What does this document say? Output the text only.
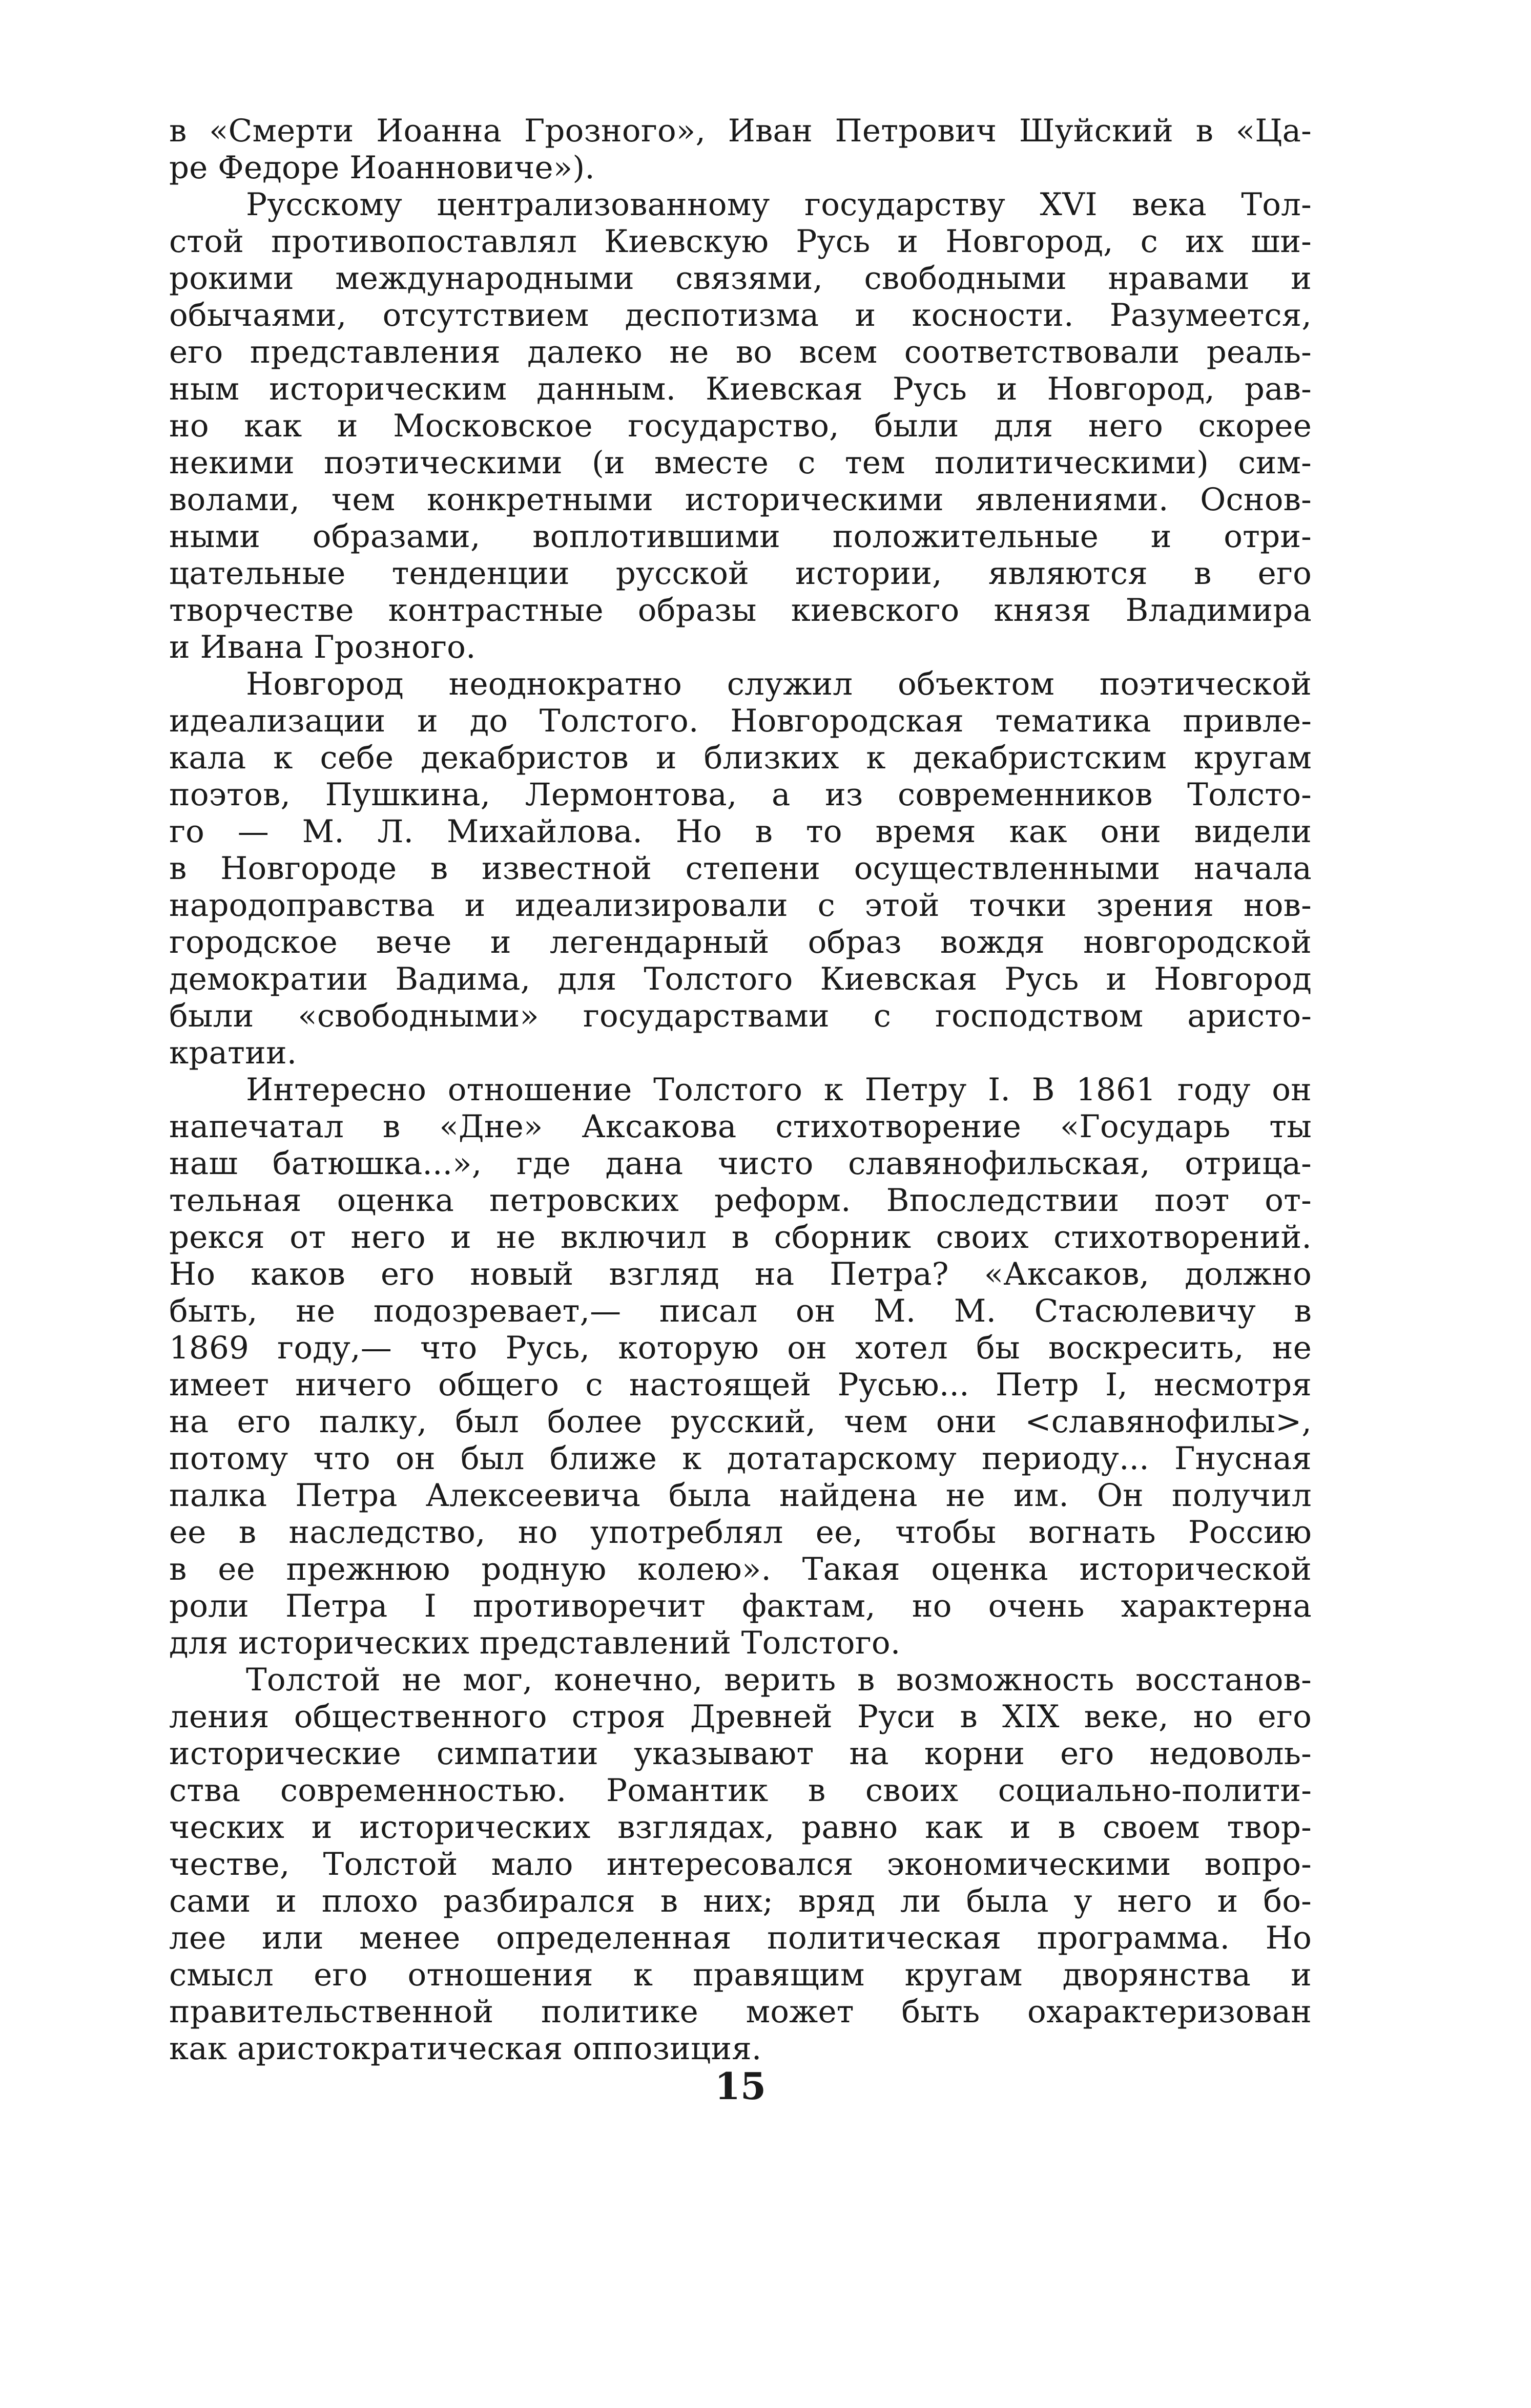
в «Смерти Иоанна Грозного», Иван Петрович Шуйский в «Ца-
ре Федоре Иоанновиче»).
Русскому централизованному государству XVI века Тол-
стой противопоставлял Киевскую Русь и Новгород, с их ши-
рокими международными связями, свободными нравами и
обычаями, отсутствием деспотизма и косности. Разумеется,
его представления далеко не во всем соответствовали реаль-
ным историческим данным. Киевская Русь и Новгород, рав-
но как и Московское государство, были для него скорее
некими поэтическими (и вместе с тем политическими) сим-
волами, чем конкретными историческими явлениями. Основ-
ными образами, воплотившими положительные и отри-
цательные тенденции русской истории, являются в его
творчестве контрастные образы киевского князя Владимира
и Ивана Грозного.
Новгород неоднократно служил объектом поэтической
идеализации и до Толстого. Новгородская тематика привле-
кала к себе декабристов и близких к декабристским кругам
поэтов, Пушкина, Лермонтова, а из современников Толсто-
го — М. Л. Михайлова. Но в то время как они видели
в Новгороде в известной степени осуществленными начала
народоправства и идеализировали с этой точки зрения нов-
городское вече и легендарный образ вождя новгородской
демократии Вадима, для Толстого Киевская Русь и Новгород
были «свободными» государствами с господством аристо-
кратии.
Интересно отношение Толстого к Петру I. В 1861 году он
напечатал в «Дне» Аксакова стихотворение «Государь ты
наш батюшка...», где дана чисто славянофильская, отрица-
тельная оценка петровских реформ. Впоследствии поэт от-
рекся от него и не включил в сборник своих стихотворений.
Но каков его новый взгляд на Петра? «Аксаков, должно
быть, не подозревает,— писал он М. М. Стасюлевичу в
1869 году,— что Русь, которую он хотел бы воскресить, не
имеет ничего общего с настоящей Русью... Петр I, несмотря
на его палку, был более русский, чем они <славянофилы>,
потому что он был ближе к дотатарскому периоду... Гнусная
палка Петра Алексеевича была найдена не им. Он получил
ее в наследство, но употреблял ее, чтобы вогнать Россию
в ее прежнюю родную колею». Такая оценка исторической
роли Петра I противоречит фактам, но очень характерна
для исторических представлений Толстого.
Толстой не мог, конечно, верить в возможность восстанов-
ления общественного строя Древней Руси в XIX веке, но его
исторические симпатии указывают на корни его недоволь-
ства современностью. Романтик в своих социально-полити-
ческих и исторических взглядах, равно как и в своем твор-
честве, Толстой мало интересовался экономическими вопро-
сами и плохо разбирался в них; вряд ли была у него и бо-
лее или менее определенная политическая программа. Но
смысл его отношения к правящим кругам дворянства и
правительственной политике может быть охарактеризован
как аристократическая оппозиция.
15
